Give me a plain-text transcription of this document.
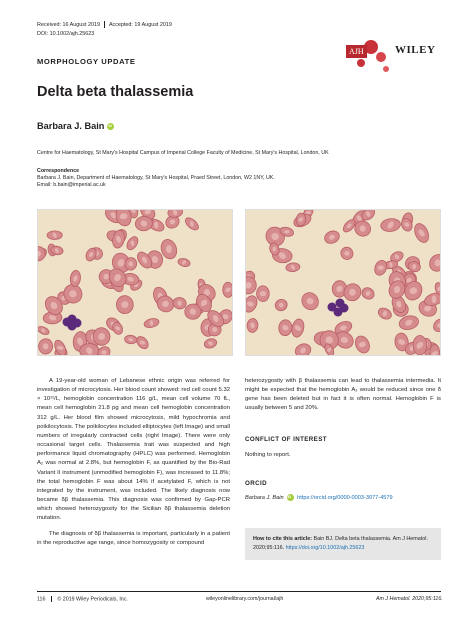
Received: 16 August 2019 Accepted: 19 August 2019
DOI: 10.1002/ajh.25623
MORPHOLOGY UPDATE
AJH	WILEY
Delta beta thalassemia
Barbara J. BainiD
Centre for Haematology, St Mary's Hospital Campus of Imperial College Faculty of Medicine, St Mary's Hospital, London, UK
Correspondence
Barbara J. Bain, Department of Haematology, St Mary's Hospital, Praed Street, London, W2 1NY, UK.
Email: b.bain@imperial.ac.uk

A 19-year-old woman of Lebanese ethnic origin was referred for investigation of microcytosis. Her blood count showed: red cell count 5.32 × 10¹²/L, hemoglobin concentration 116 g/L, mean cell volume 70 fL, mean cell hemoglobin 21.8 pg and mean cell hemoglobin concentration 312 g/L. Her blood film showed microcytosis, mild hypochromia and poikilocytosis. The poikilocytes included elliptocytes (left Image) and small numbers of irregularly contracted cells (right Image). There were only occasional target cells. Thalassemia trait was suspected and high performance liquid chromatography (HPLC) was performed. Hemoglobin A₂ was normal at 2.8%, but hemoglobin F, as quantified by the Bio-Rad Variant II instrument (unmodified hemoglobin F), was increased to 11.8%; the total hemoglobin F was about 14% if acetylated F, which is not integrated by the instrument, was included. The likely diagnosis now became δβ thalassemia. This diagnosis was confirmed by Gap-PCR which showed heterozygosity for the Sicilian δβ thalassemia deletion mutation.

The diagnosis of δβ thalassemia is important, particularly in a patient in the reproductive age range, since homozygosity or compound

heterozygosity with β thalassemia can lead to thalassemia intermedia. It might be expected that the hemoglobin A₂ would be reduced since one δ gene has been deleted but in fact it is often normal. Hemoglobin F is usually between 5 and 20%.
CONFLICT OF INTEREST
Nothing to report.
ORCID
Barbara J. BainiD https://orcid.org/0000-0003-3077-4579
How to cite this article: Bain BJ. Delta beta thalassemia. Am J Hematol. 2020;95:116. https://doi.org/10.1002/ajh.25623
116 © 2019 Wiley Periodicals, Inc.	wileyonlinelibrary.com/journal/ajh	Am J Hematol. 2020;95:116.
